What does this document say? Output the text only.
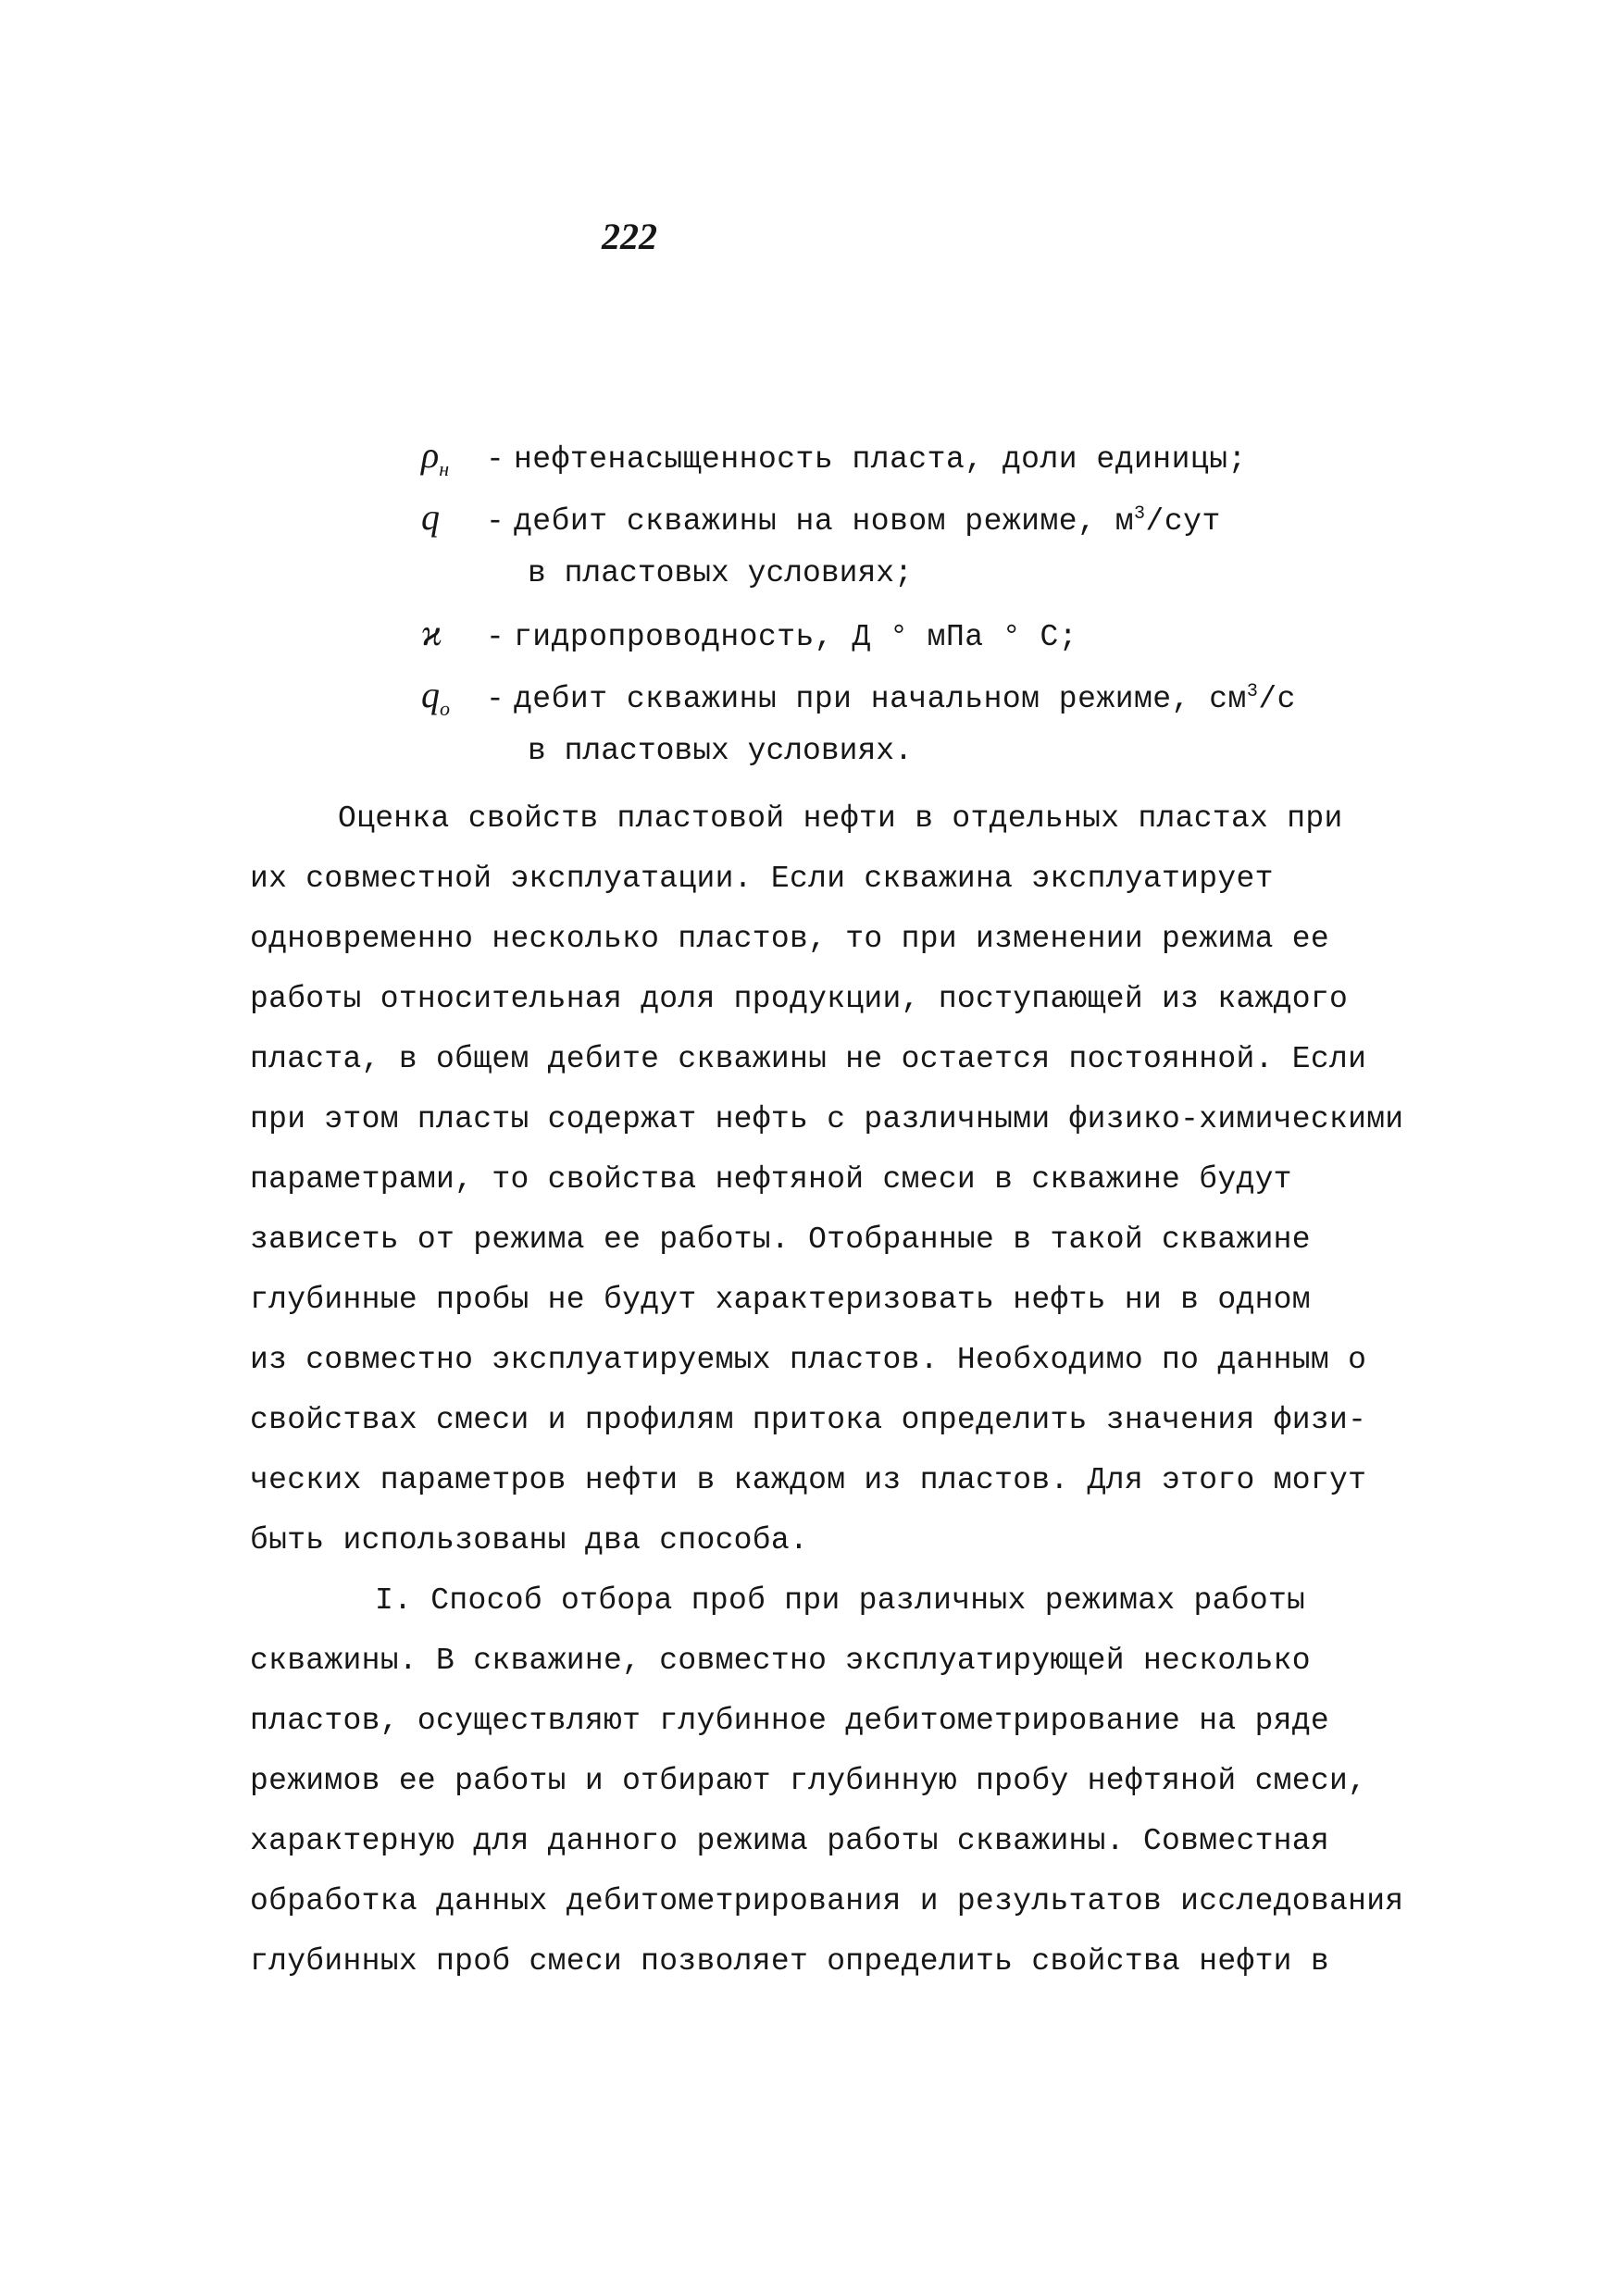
222
$\rho_н$	- нефтенасыщенность пласта, доли единицы;
q	- дебит скважины на новом режиме, $м^3$/сут
в пластовых условиях;
ϰ	- гидропроводность, Д ° мПа ° С;
$q_о$	- дебит скважины при начальном режиме, $см^3/с$
в пластовых условиях.
Оценка свойств пластовой нефти в отдельных пластах при
их совместной эксплуатации. Если скважина эксплуатирует
одновременно несколько пластов, то при изменении режима ее
работы относительная доля продукции, поступающей из каждого
пласта, в общем дебите скважины не остается постоянной. Если
при этом пласты содержат нефть с различными физико-химическими
параметрами, то свойства нефтяной смеси в скважине будут
зависеть от режима ее работы. Отобранные в такой скважине
глубинные пробы не будут характеризовать нефть ни в одном
из совместно эксплуатируемых пластов. Необходимо по данным о
свойствах смеси и профилям притока определить значения физи-
ческих параметров нефти в каждом из пластов. Для этого могут
быть использованы два способа.
I. Способ отбора проб при различных режимах работы
скважины. В скважине, совместно эксплуатирующей несколько
пластов, осуществляют глубинное дебитометрирование на ряде
режимов ее работы и отбирают глубинную пробу нефтяной смеси,
характерную для данного режима работы скважины. Совместная
обработка данных дебитометрирования и результатов исследования
глубинных проб смеси позволяет определить свойства нефти в
